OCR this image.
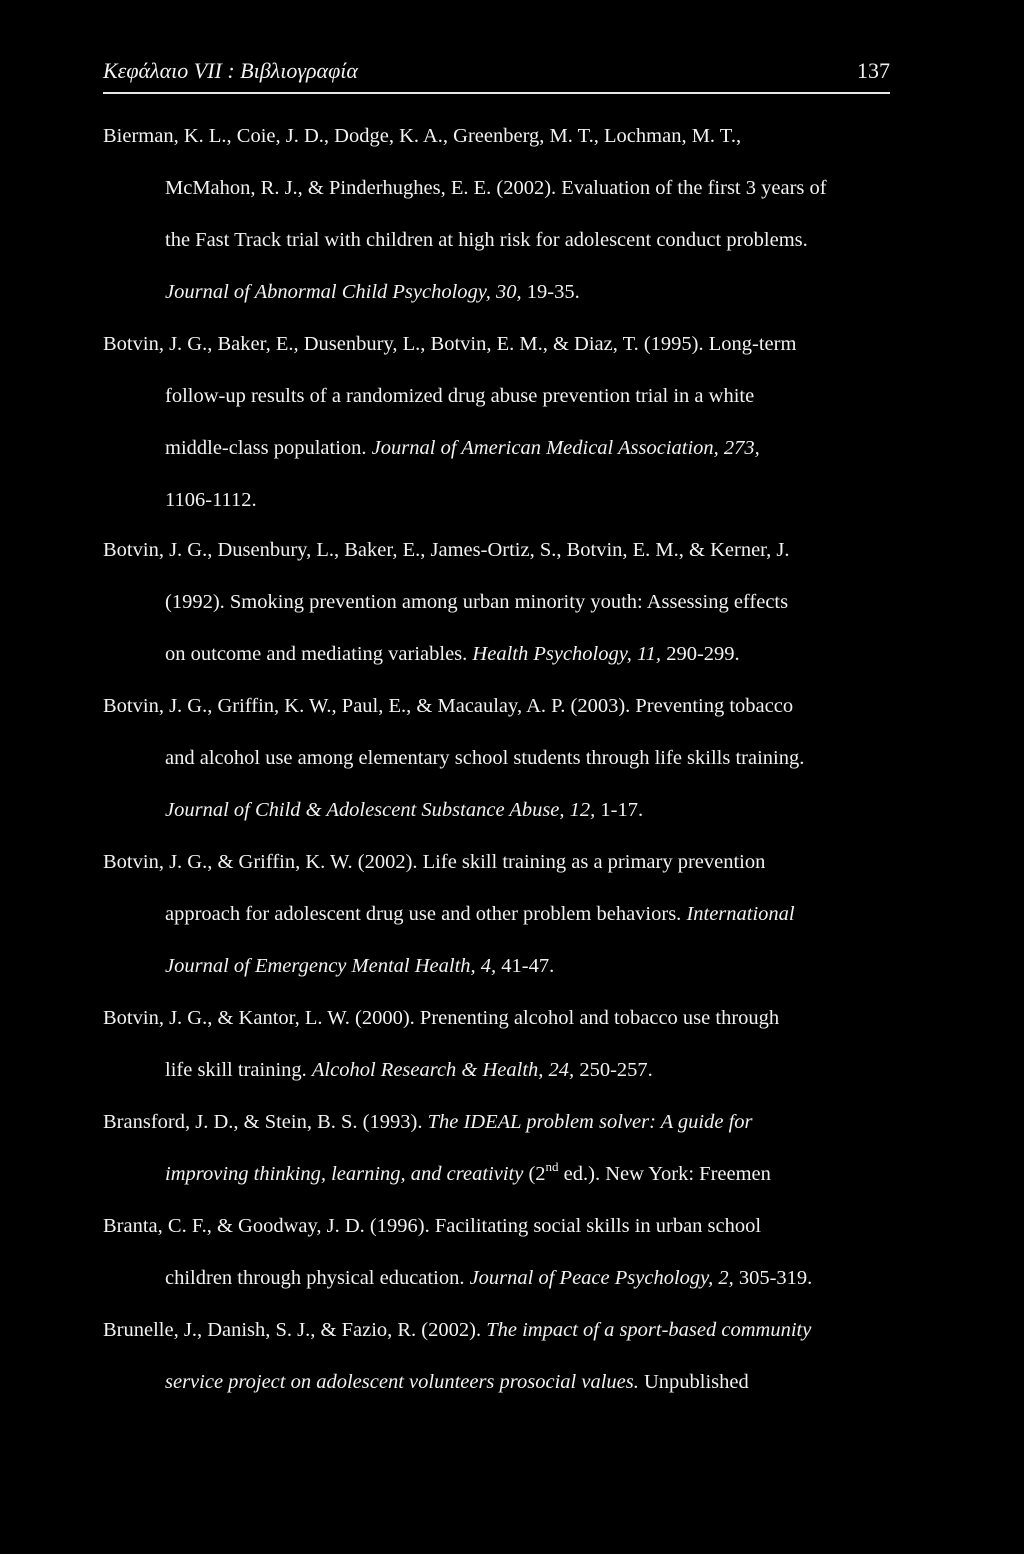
Κεφάλαιο VII : Βιβλιογραφία	137
Bierman, K. L., Coie, J. D., Dodge, K. A., Greenberg, M. T., Lochman, M. T.,
McMahon, R. J., & Pinderhughes, E. E. (2002). Evaluation of the first 3 years of
the Fast Track trial with children at high risk for adolescent conduct problems.
Journal of Abnormal Child Psychology, 30, 19-35.
Botvin, J. G., Baker, E., Dusenbury, L., Botvin, E. M., & Diaz, T. (1995). Long-term
follow-up results of a randomized drug abuse prevention trial in a white
middle-class population. Journal of American Medical Association, 273,
1106-1112.
Botvin, J. G., Dusenbury, L., Baker, E., James-Ortiz, S., Botvin, E. M., & Kerner, J.
(1992). Smoking prevention among urban minority youth: Assessing effects
on outcome and mediating variables. Health Psychology, 11, 290-299.
Botvin, J. G., Griffin, K. W., Paul, E., & Macaulay, A. P. (2003). Preventing tobacco
and alcohol use among elementary school students through life skills training.
Journal of Child & Adolescent Substance Abuse, 12, 1-17.
Botvin, J. G., & Griffin, K. W. (2002). Life skill training as a primary prevention
approach for adolescent drug use and other problem behaviors. International
Journal of Emergency Mental Health, 4, 41-47.
Botvin, J. G., & Kantor, L. W. (2000). Prenenting alcohol and tobacco use through
life skill training. Alcohol Research & Health, 24, 250-257.
Bransford, J. D., & Stein, B. S. (1993). The IDEAL problem solver: A guide for
improving thinking, learning, and creativity (2nd ed.). New York: Freemen
Branta, C. F., & Goodway, J. D. (1996). Facilitating social skills in urban school
children through physical education. Journal of Peace Psychology, 2, 305-319.
Brunelle, J., Danish, S. J., & Fazio, R. (2002). The impact of a sport-based community
service project on adolescent volunteers prosocial values. Unpublished
